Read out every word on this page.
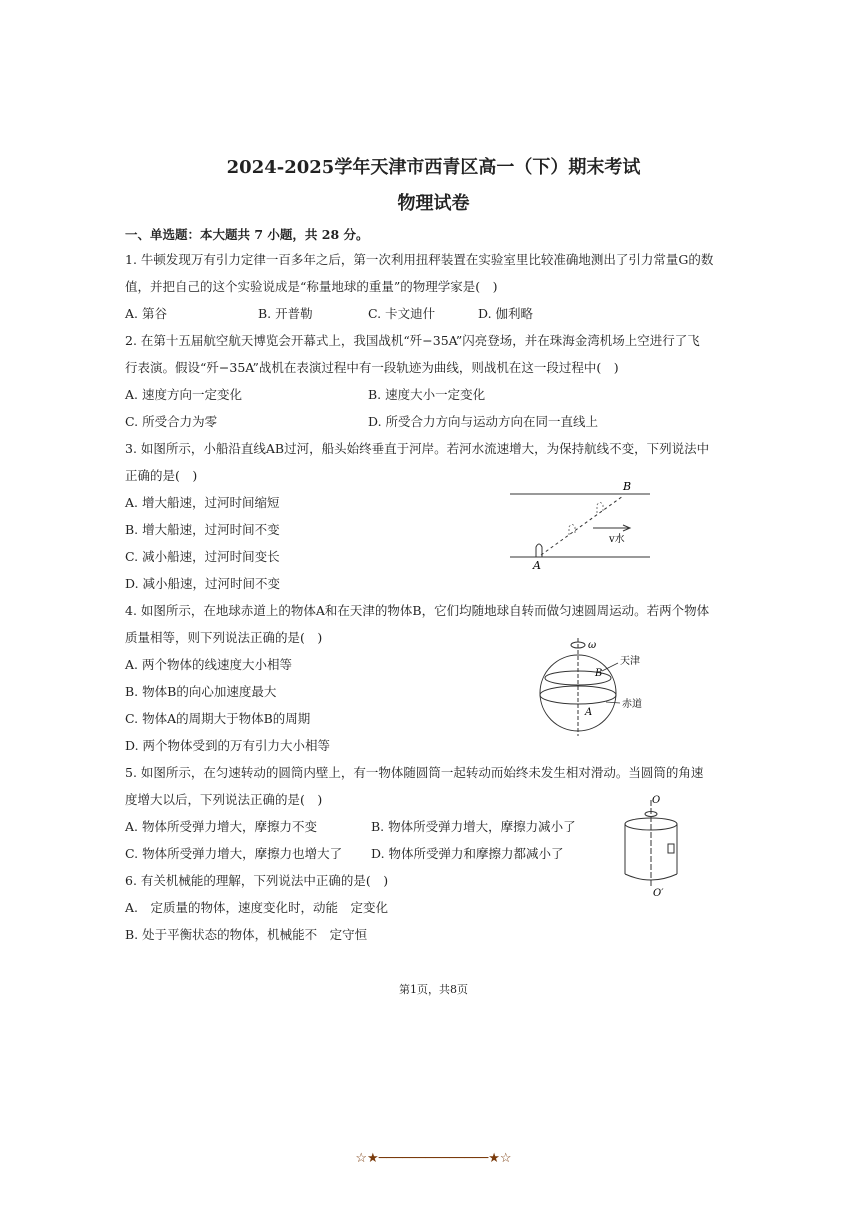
2024-2025学年天津市西青区高一（下）期末考试
物理试卷
一、单选题：本大题共 7 小题，共 28 分。
1. 牛顿发现万有引力定律一百多年之后，第一次利用扭秤装置在实验室里比较准确地测出了引力常量G的数
值，并把自己的这个实验说成是“称量地球的重量”的物理学家是(　)
A. 第谷	B. 开普勒	C. 卡文迪什	D. 伽利略
2. 在第十五届航空航天博览会开幕式上，我国战机“歼−35A”闪亮登场，并在珠海金湾机场上空进行了飞
行表演。假设“歼−35A”战机在表演过程中有一段轨迹为曲线，则战机在这一段过程中(　)
A. 速度方向一定变化	B. 速度大小一定变化
C. 所受合力为零	D. 所受合力方向与运动方向在同一直线上
3. 如图所示，小船沿直线AB过河，船头始终垂直于河岸。若河水流速增大，为保持航线不变，下列说法中
正确的是(　)
A. 增大船速，过河时间缩短
B. 增大船速，过河时间不变
C. 减小船速，过河时间变长
D. 减小船速，过河时间不变
B
A
v水
4. 如图所示，在地球赤道上的物体A和在天津的物体B，它们均随地球自转而做匀速圆周运动。若两个物体
质量相等，则下列说法正确的是(　)
A. 两个物体的线速度大小相等
B. 物体B的向心加速度最大
C. 物体A的周期大于物体B的周期
D. 两个物体受到的万有引力大小相等
ω
天津
赤道
B
A
5. 如图所示，在匀速转动的圆筒内壁上，有一物体随圆筒一起转动而始终未发生相对滑动。当圆筒的角速
度增大以后，下列说法正确的是(　)
A. 物体所受弹力增大，摩擦力不变	B. 物体所受弹力增大，摩擦力减小了
C. 物体所受弹力增大，摩擦力也增大了 D. 物体所受弹力和摩擦力都减小了
O
O′
6. 有关机械能的理解，下列说法中正确的是(　)
A.　定质量的物体，速度变化时，动能　定变化
B. 处于平衡状态的物体，机械能不　定守恒
第1页，共8页
☆★──────────────★☆
